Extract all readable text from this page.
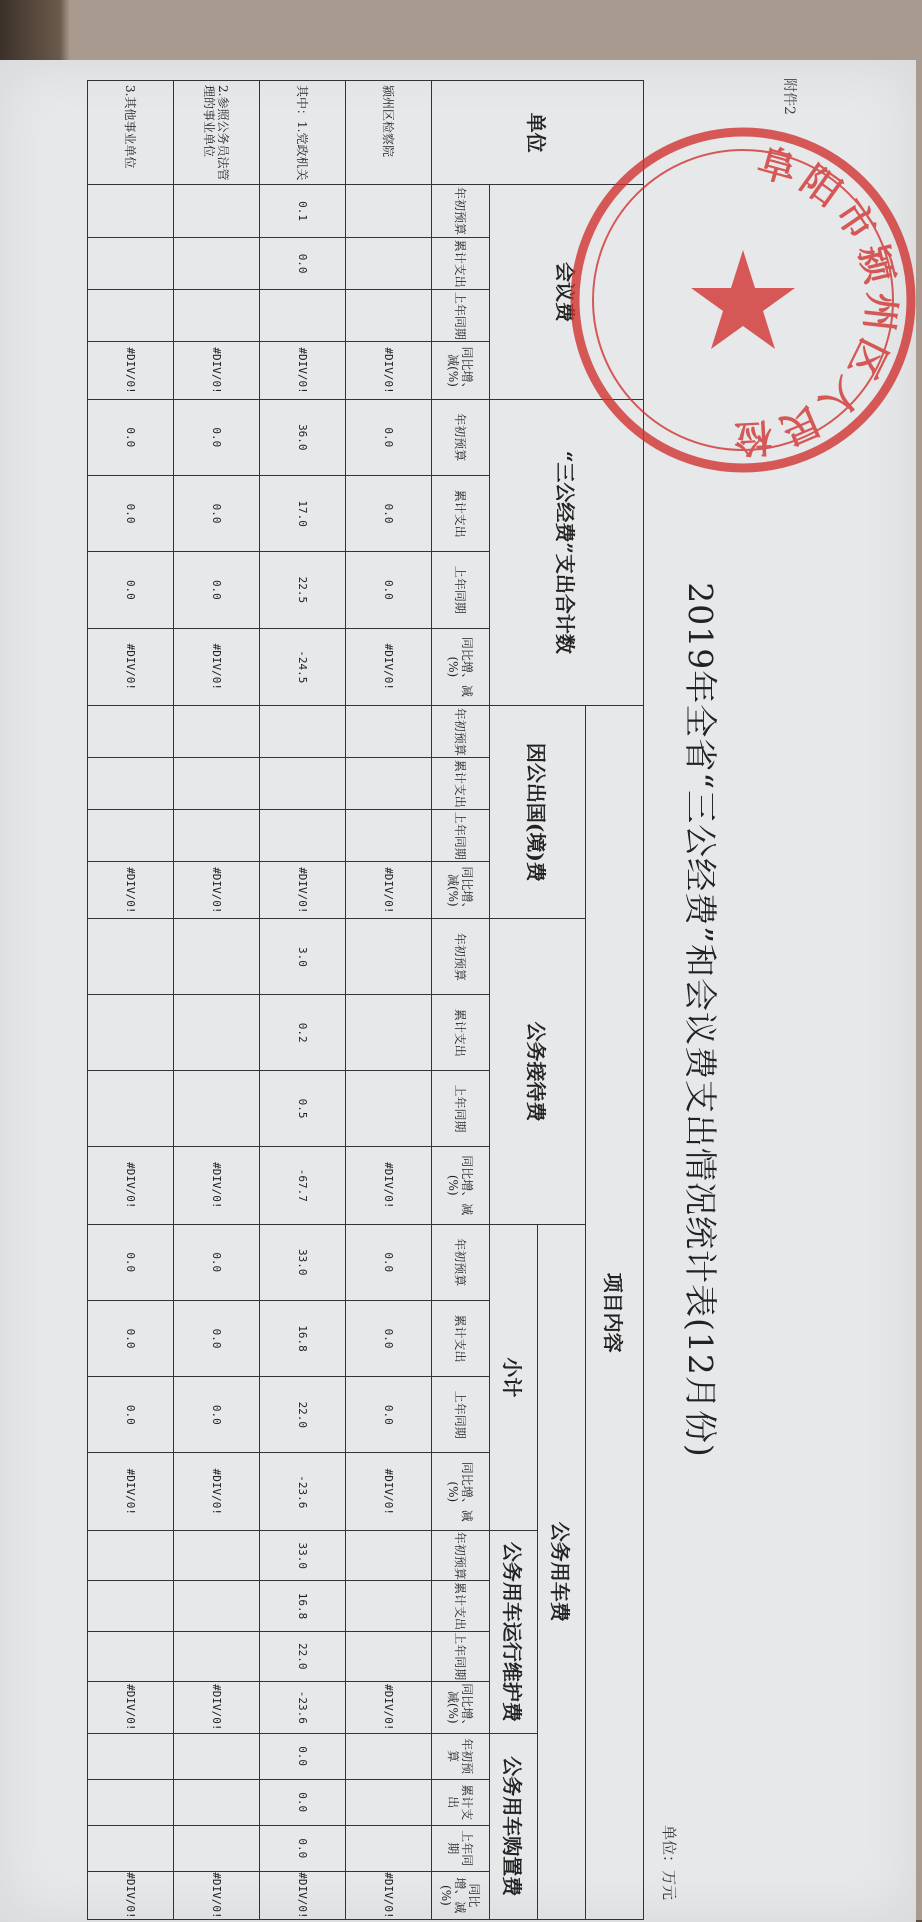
附件2
2019年全省“三公经费”和会议费支出情况统计表(12月份)
单位：万元
单位	会议费				“三公经费”支出合计数				项目内容																			
									因公出国(境)费				公务接待费				公务用车费											
																	小计				公务用车运行维护费				公务用车购置费			
	年初预算	累计支出	上年同期	同比增、减(%)	年初预算	累计支出	上年同期	同比增、减(%)	年初预算	累计支出	上年同期	同比增、减(%)	年初预算	累计支出	上年同期	同比增、减(%)	年初预算	累计支出	上年同期	同比增、减(%)	年初预算	累计支出	上年同期	同比增、减(%)	年初预算	累计支出	上年同期	同比增、减(%)
颍州区检察院				#DIV/0!	0.0	0.0	0.0	#DIV/0!				#DIV/0!				#DIV/0!	0.0	0.0	0.0	#DIV/0!				#DIV/0!				#DIV/0!
其中：1.党政机关	0.1	0.0		#DIV/0!	36.0	17.0	22.5	-24.5				#DIV/0!	3.0	0.2	0.5	-67.7	33.0	16.8	22.0	-23.6	33.0	16.8	22.0	-23.6	0.0	0.0	0.0	#DIV/0!
2.参照公务员法管理的事业单位				#DIV/0!	0.0	0.0	0.0	#DIV/0!				#DIV/0!				#DIV/0!	0.0	0.0	0.0	#DIV/0!				#DIV/0!				#DIV/0!
3.其他事业单位				#DIV/0!	0.0	0.0	0.0	#DIV/0!				#DIV/0!				#DIV/0!	0.0	0.0	0.0	#DIV/0!				#DIV/0!				#DIV/0!
阜阳市颍州区人民检
